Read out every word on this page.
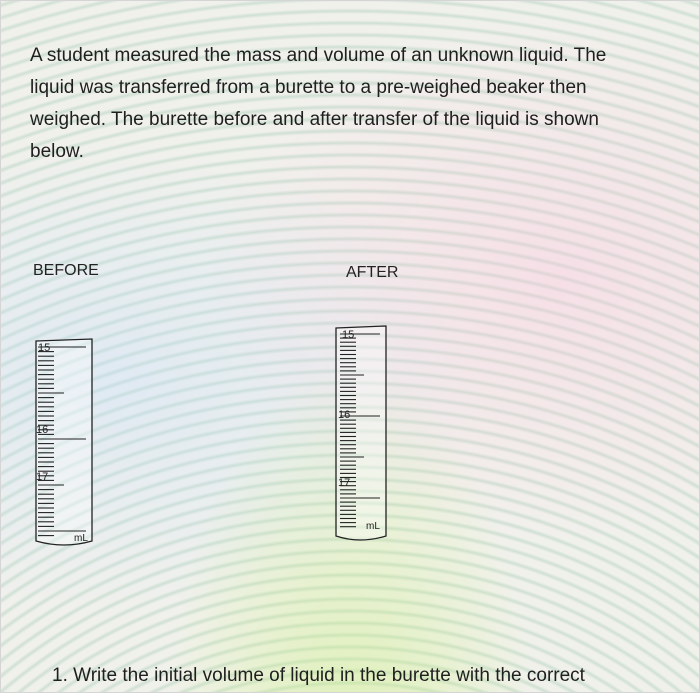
A student measured the mass and volume of an unknown liquid. The liquid was transferred from a burette to a pre-weighed beaker then weighed. The burette before and after transfer of the liquid is shown below.
BEFORE	AFTER
15
16
17
mL
15
16
17
mL
1. Write the initial volume of liquid in the burette with the correct
